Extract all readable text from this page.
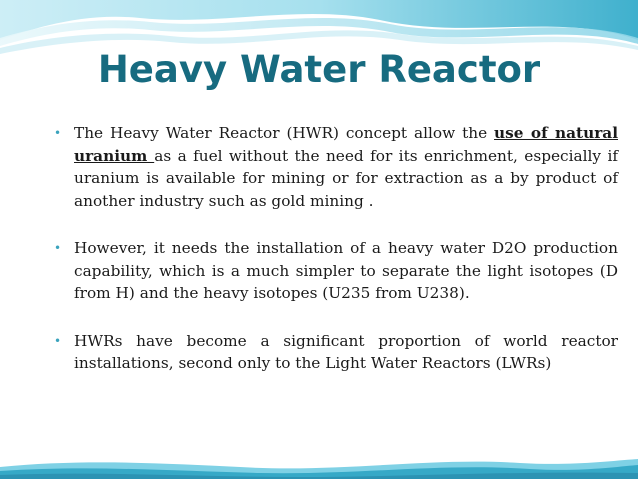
Heavy Water Reactor
• The Heavy Water Reactor (HWR) concept allow the use of natural uranium as a fuel without the need for its enrichment, especially if uranium is available for mining or for extraction as a by product of another industry such as gold mining .
• However, it needs the installation of a heavy water D2O production capability, which is a much simpler to separate the light isotopes (D from H) and the heavy isotopes (U235 from U238).
• HWRs have become a significant proportion of world reactor installations, second only to the Light Water Reactors (LWRs)
